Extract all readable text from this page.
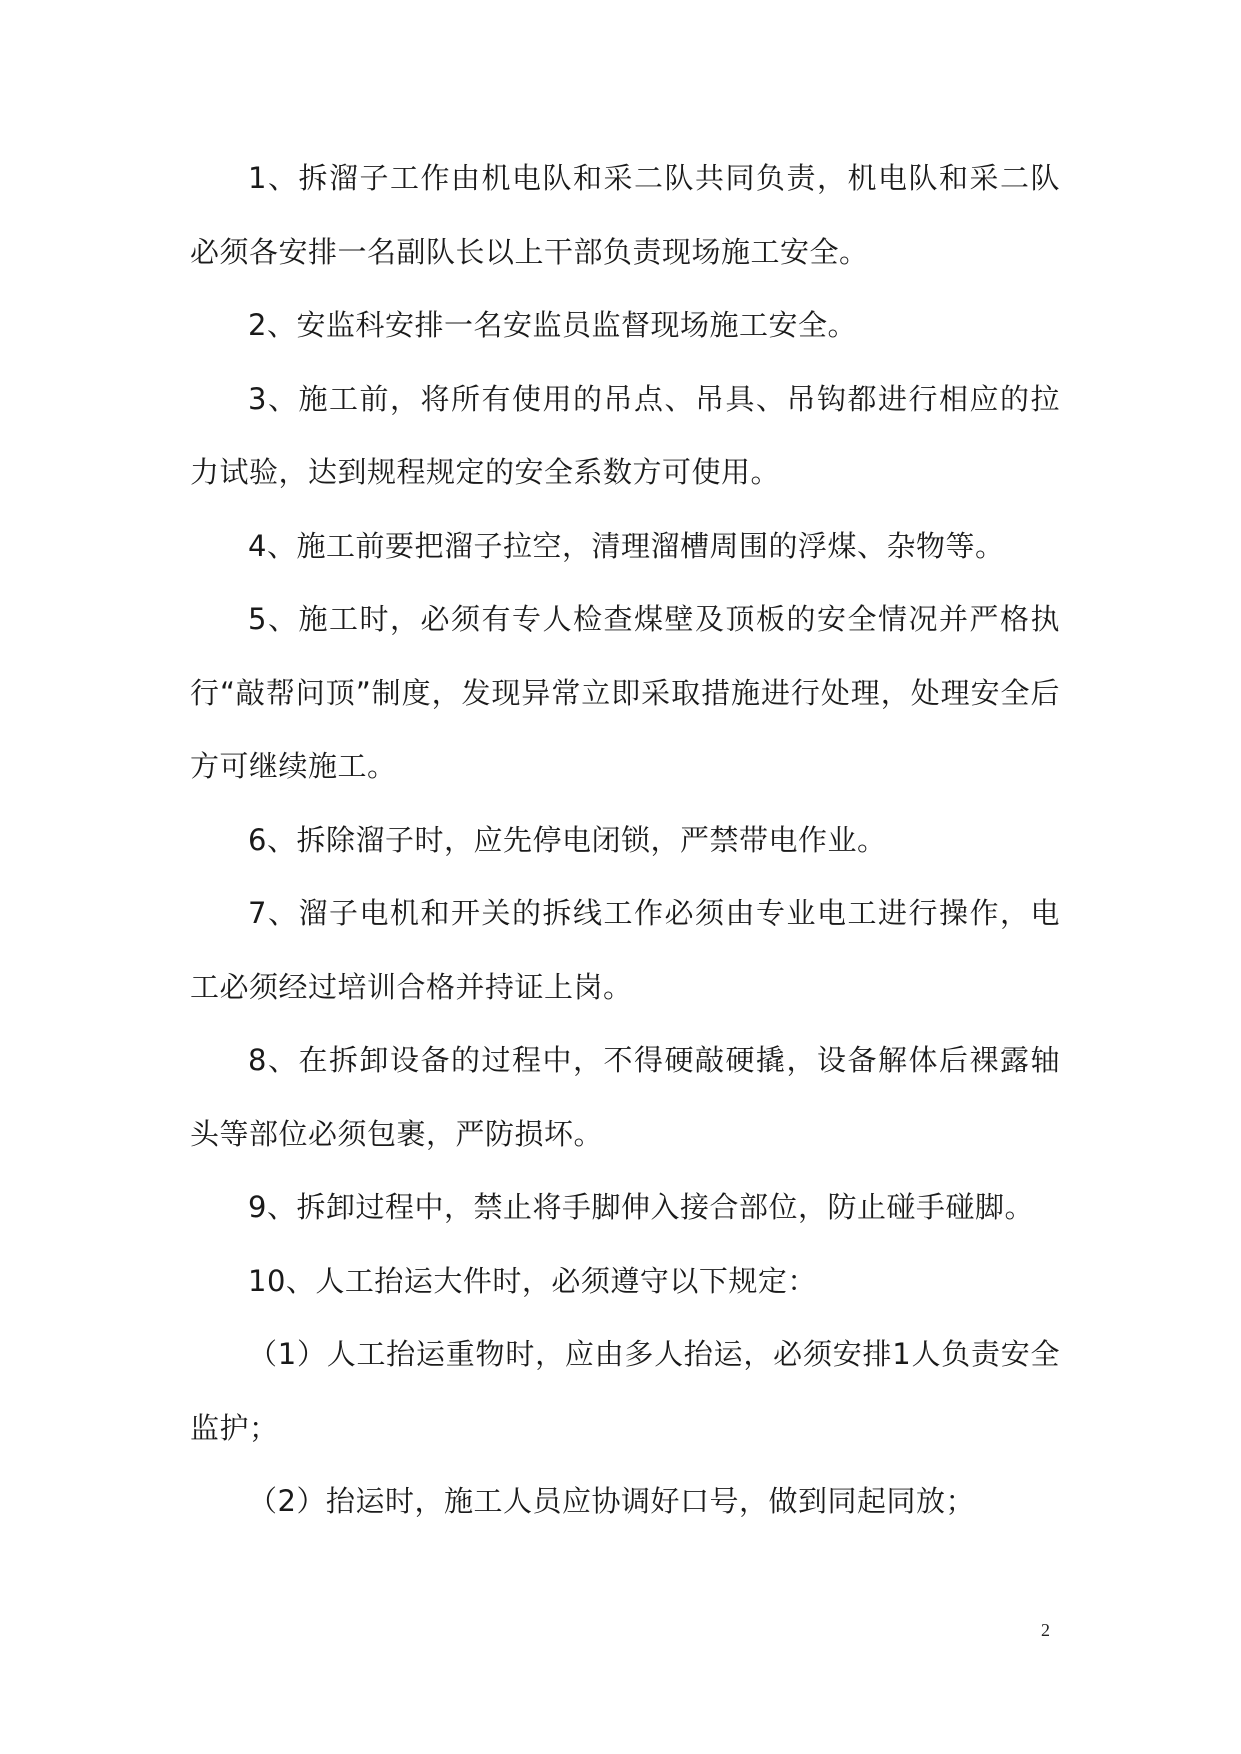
1、拆溜子工作由机电队和采二队共同负责，机电队和采二队必须各安排一名副队长以上干部负责现场施工安全。

2、安监科安排一名安监员监督现场施工安全。

3、施工前，将所有使用的吊点、吊具、吊钩都进行相应的拉力试验，达到规程规定的安全系数方可使用。

4、施工前要把溜子拉空，清理溜槽周围的浮煤、杂物等。

5、施工时，必须有专人检查煤壁及顶板的安全情况并严格执行“敲帮问顶”制度，发现异常立即采取措施进行处理，处理安全后方可继续施工。

6、拆除溜子时，应先停电闭锁，严禁带电作业。

7、溜子电机和开关的拆线工作必须由专业电工进行操作，电工必须经过培训合格并持证上岗。

8、在拆卸设备的过程中，不得硬敲硬撬，设备解体后裸露轴头等部位必须包裹，严防损坏。

9、拆卸过程中，禁止将手脚伸入接合部位，防止碰手碰脚。

10、人工抬运大件时，必须遵守以下规定：

（1）人工抬运重物时，应由多人抬运，必须安排1人负责安全监护；

（2）抬运时，施工人员应协调好口号，做到同起同放；

2
